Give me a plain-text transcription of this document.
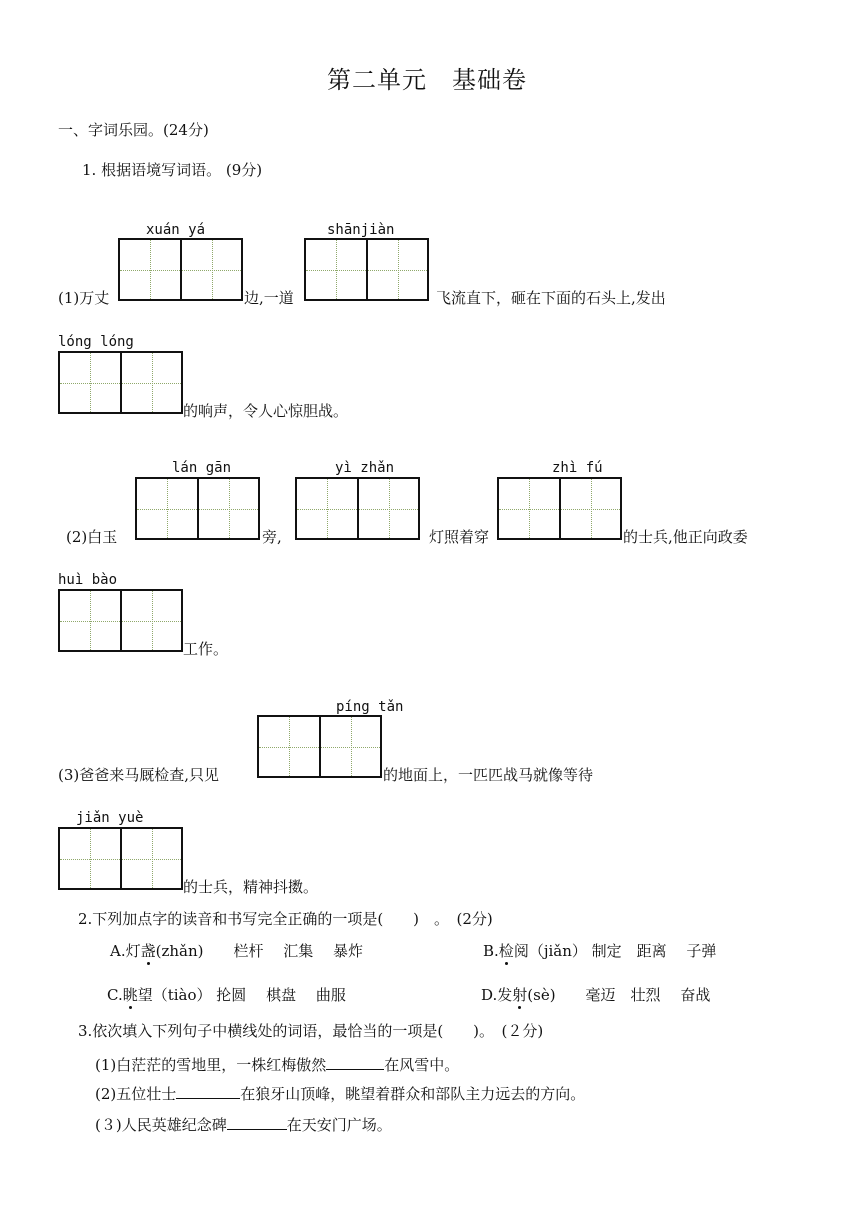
第二单元　基础卷
一、字词乐园。(24分)
1. 根据语境写词语。 (9分)
xuán yá	shānjiàn
(1)万丈	边,一道	飞流直下，砸在下面的石头上,发出
lóng lóng
的响声，令人心惊胆战。
lán gān	yì zhǎn	zhì fú
(2)白玉	旁,	灯照着穿	的士兵,他正向政委
huì bào
工作。
píng tǎn
(3)爸爸来马厩检查,只见	的地面上，一匹匹战马就像等待
jiǎn yuè
的士兵，精神抖擞。
2.下列加点字的读音和书写完全正确的一项是(　　)　。　(2分)
A.灯盏(zhǎn)　　栏杆　 汇集　 暴炸	B.检阅（jiǎn） 制定　距离　 子弹
C.眺望（tiào） 抡圆　 棋盘　 曲服	D.发射(sè)　　毫迈　壮烈　 奋战
3.依次填入下列句子中横线处的词语，最恰当的一项是(　　)。　(２分)
(1)白茫茫的雪地里，一株红梅傲然	在风雪中。
(2)五位壮士	在狼牙山顶峰，眺望着群众和部队主力远去的方向。
(３)人民英雄纪念碑	在天安门广场。
